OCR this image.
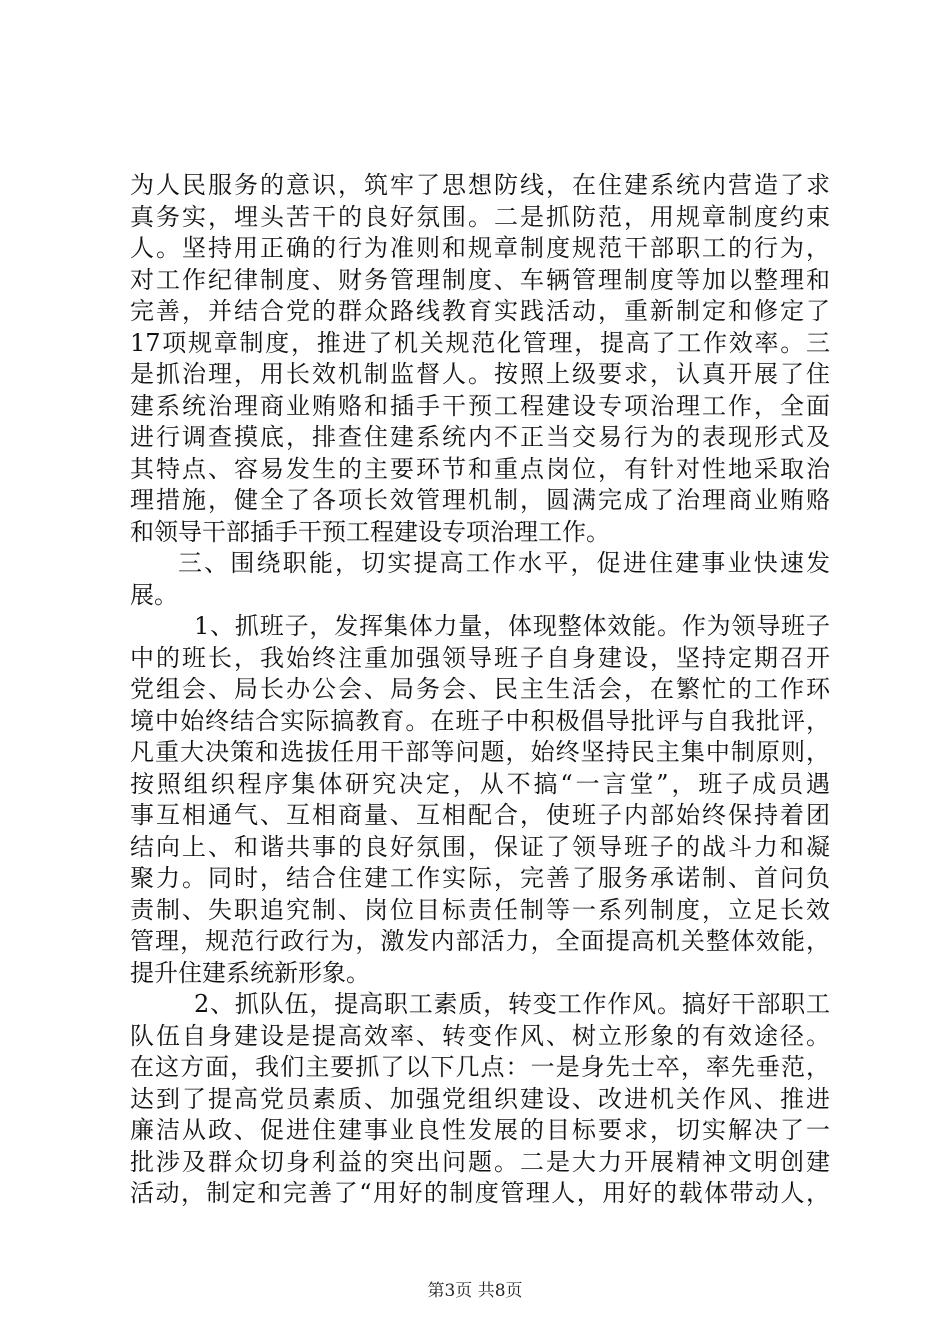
为人民服务的意识，筑牢了思想防线，在住建系统内营造了求
真务实，埋头苦干的良好氛围。二是抓防范，用规章制度约束
人。坚持用正确的行为准则和规章制度规范干部职工的行为，
对工作纪律制度、财务管理制度、车辆管理制度等加以整理和
完善，并结合党的群众路线教育实践活动，重新制定和修定了
17项规章制度，推进了机关规范化管理，提高了工作效率。三
是抓治理，用长效机制监督人。按照上级要求，认真开展了住
建系统治理商业贿赂和插手干预工程建设专项治理工作，全面
进行调查摸底，排查住建系统内不正当交易行为的表现形式及
其特点、容易发生的主要环节和重点岗位，有针对性地采取治
理措施，健全了各项长效管理机制，圆满完成了治理商业贿赂
和领导干部插手干预工程建设专项治理工作。
三、围绕职能，切实提高工作水平，促进住建事业快速发
展。
1、抓班子，发挥集体力量，体现整体效能。作为领导班子
中的班长，我始终注重加强领导班子自身建设，坚持定期召开
党组会、局长办公会、局务会、民主生活会，在繁忙的工作环
境中始终结合实际搞教育。在班子中积极倡导批评与自我批评，
凡重大决策和选拔任用干部等问题，始终坚持民主集中制原则，
按照组织程序集体研究决定，从不搞“一言堂”，班子成员遇
事互相通气、互相商量、互相配合，使班子内部始终保持着团
结向上、和谐共事的良好氛围，保证了领导班子的战斗力和凝
聚力。同时，结合住建工作实际，完善了服务承诺制、首问负
责制、失职追究制、岗位目标责任制等一系列制度，立足长效
管理，规范行政行为，激发内部活力，全面提高机关整体效能，
提升住建系统新形象。
2、抓队伍，提高职工素质，转变工作作风。搞好干部职工
队伍自身建设是提高效率、转变作风、树立形象的有效途径。
在这方面，我们主要抓了以下几点：一是身先士卒，率先垂范，
达到了提高党员素质、加强党组织建设、改进机关作风、推进
廉洁从政、促进住建事业良性发展的目标要求，切实解决了一
批涉及群众切身利益的突出问题。二是大力开展精神文明创建
活动，制定和完善了“用好的制度管理人，用好的载体带动人，
第3页 共8页
